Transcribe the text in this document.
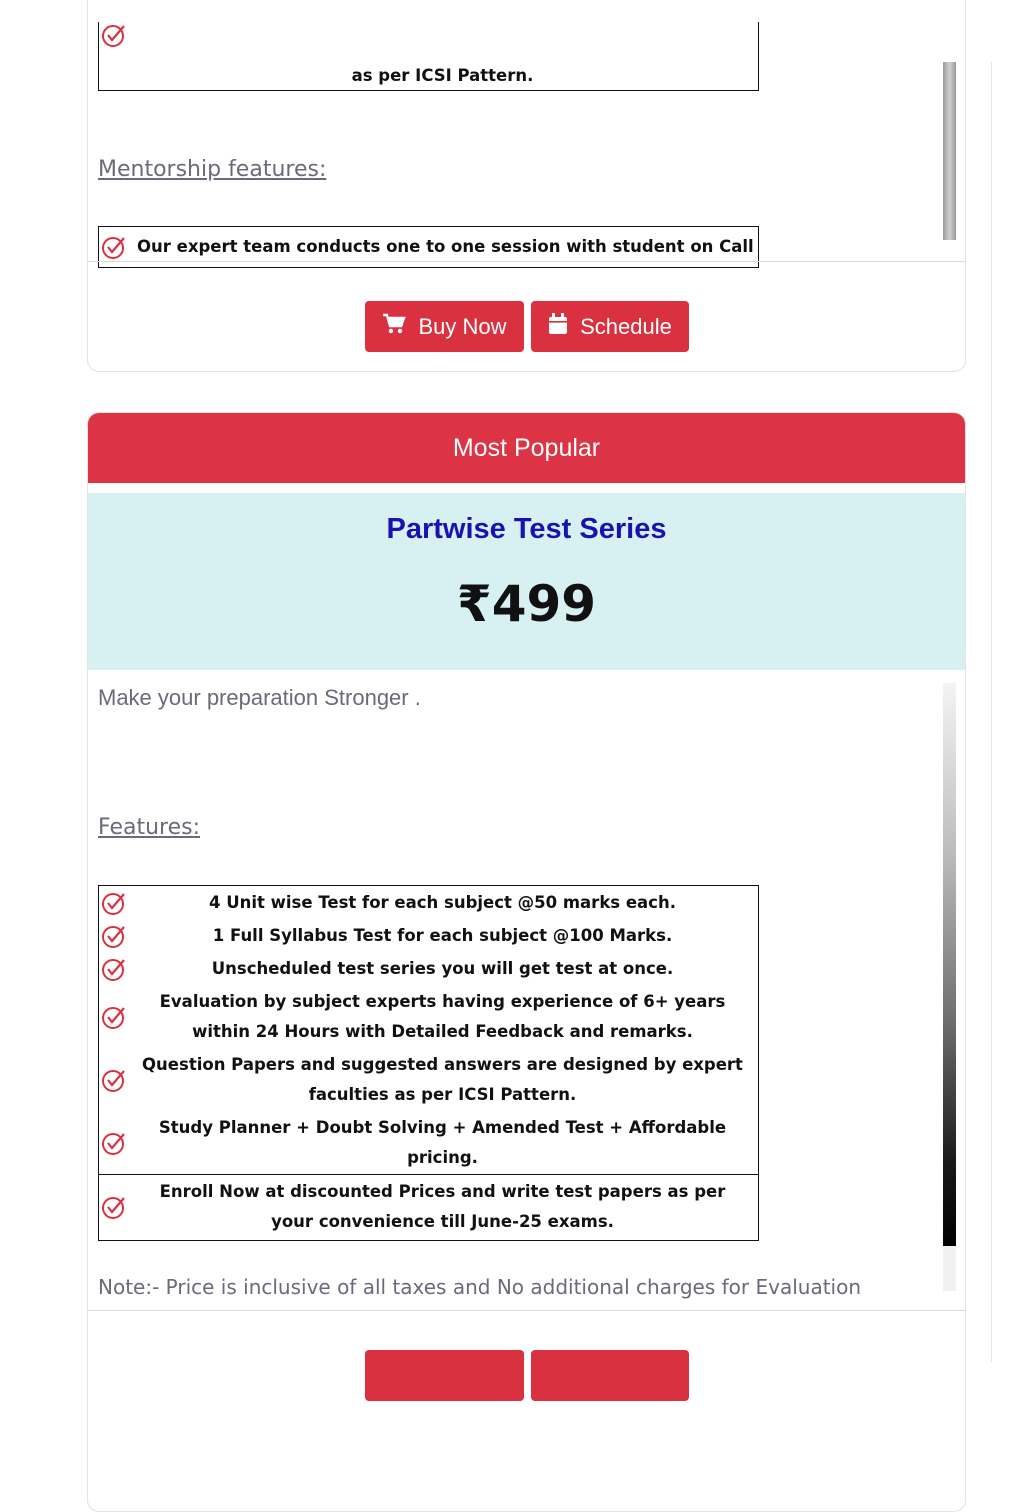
as per ICSI Pattern.
Mentorship features:
Our expert team conducts one to one session with student on Call
Buy Now	Schedule
Most Popular
Partwise Test Series
₹499
Make your preparation Stronger .
Features:
4 Unit wise Test for each subject @50 marks each.
1 Full Syllabus Test for each subject @100 Marks.
Unscheduled test series you will get test at once.
Evaluation by subject experts having experience of 6+ years within 24 Hours with Detailed Feedback and remarks.
Question Papers and suggested answers are designed by expert faculties as per ICSI Pattern.
Study Planner + Doubt Solving + Amended Test + Affordable pricing.
Enroll Now at discounted Prices and write test papers as per your convenience till June-25 exams.
Note:- Price is inclusive of all taxes and No additional charges for Evaluation
